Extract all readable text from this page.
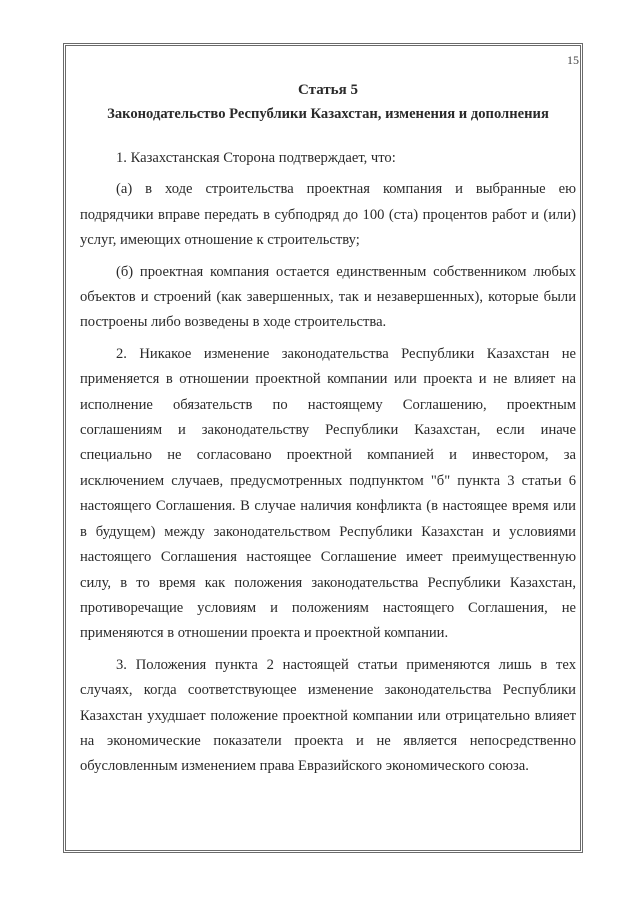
15
Статья 5
Законодательство Республики Казахстан, изменения и дополнения

1. Казахстанская Сторона подтверждает, что:

(а) в ходе строительства проектная компания и выбранные ею подрядчики вправе передать в субподряд до 100 (ста) процентов работ и (или) услуг, имеющих отношение к строительству;

(б) проектная компания остается единственным собственником любых объектов и строений (как завершенных, так и незавершенных), которые были построены либо возведены в ходе строительства.

2. Никакое изменение законодательства Республики Казахстан не применяется в отношении проектной компании или проекта и не влияет на исполнение обязательств по настоящему Соглашению, проектным соглашениям и законодательству Республики Казахстан, если иначе специально не согласовано проектной компанией и инвестором, за исключением случаев, предусмотренных подпунктом "б" пункта 3 статьи 6 настоящего Соглашения. В случае наличия конфликта (в настоящее время или в будущем) между законодательством Республики Казахстан и условиями настоящего Соглашения настоящее Соглашение имеет преимущественную силу, в то время как положения законодательства Республики Казахстан, противоречащие условиям и положениям настоящего Соглашения, не применяются в отношении проекта и проектной компании.

3. Положения пункта 2 настоящей статьи применяются лишь в тех случаях, когда соответствующее изменение законодательства Республики Казахстан ухудшает положение проектной компании или отрицательно влияет на экономические показатели проекта и не является непосредственно обусловленным изменением права Евразийского экономического союза.
